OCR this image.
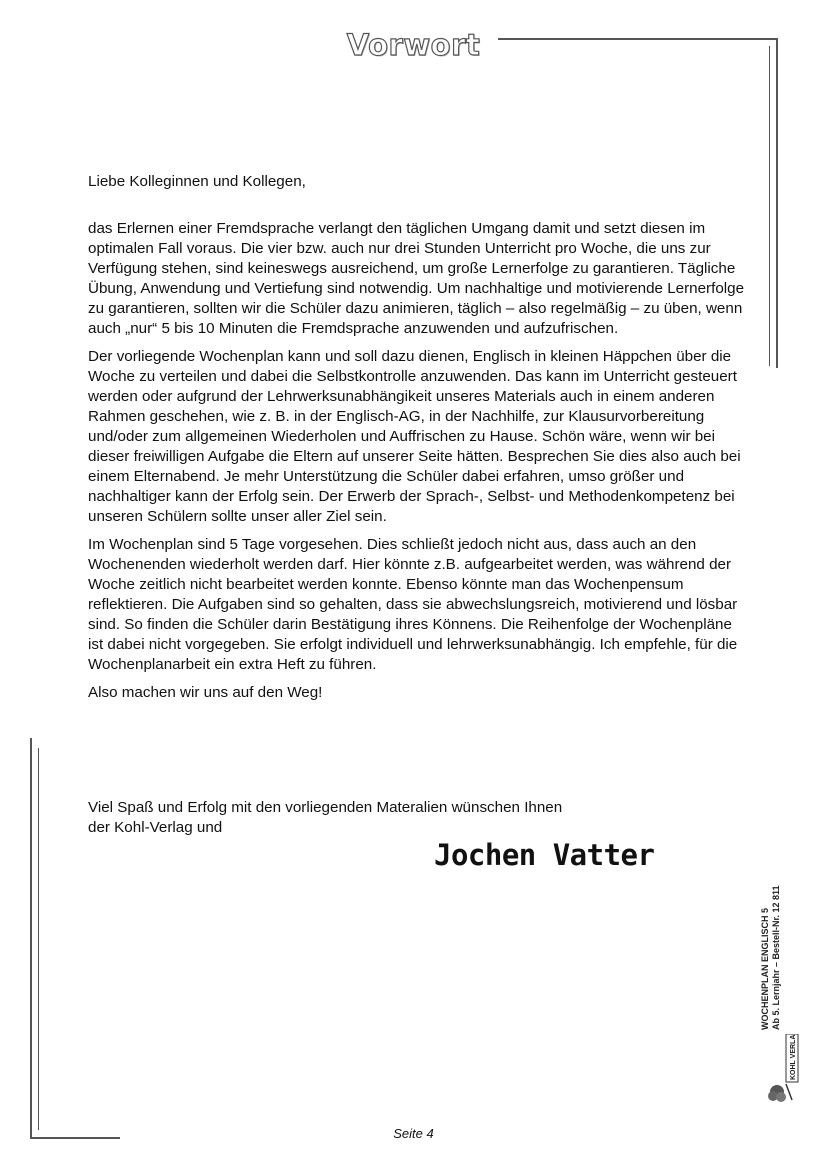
Vorwort

Liebe Kolleginnen und Kollegen,

das Erlernen einer Fremdsprache verlangt den täglichen Umgang damit und setzt diesen im optimalen Fall voraus. Die vier bzw. auch nur drei Stunden Unterricht pro Woche, die uns zur Verfügung stehen, sind keineswegs ausreichend, um große Lernerfolge zu garantieren. Tägliche Übung, Anwendung und Vertiefung sind notwendig. Um nachhaltige und motivierende Lernerfolge zu garantieren, sollten wir die Schüler dazu animieren, täglich – also regelmäßig – zu üben, wenn auch „nur“ 5 bis 10 Minuten die Fremdsprache anzuwenden und aufzufrischen.

Der vorliegende Wochenplan kann und soll dazu dienen, Englisch in kleinen Häppchen über die Woche zu verteilen und dabei die Selbstkontrolle anzuwenden. Das kann im Unterricht gesteuert werden oder aufgrund der Lehrwerksunabhängikeit unseres Materials auch in einem anderen Rahmen geschehen, wie z. B. in der Englisch-AG, in der Nachhilfe, zur Klausurvorbereitung und/oder zum allgemeinen Wiederholen und Auffrischen zu Hause. Schön wäre, wenn wir bei dieser freiwilligen Aufgabe die Eltern auf unserer Seite hätten. Besprechen Sie dies also auch bei einem Elternabend. Je mehr Unterstützung die Schüler dabei erfahren, umso größer und nachhaltiger kann der Erfolg sein. Der Erwerb der Sprach-, Selbst- und Methodenkompetenz bei unseren Schülern sollte unser aller Ziel sein.

Im Wochenplan sind 5 Tage vorgesehen. Dies schließt jedoch nicht aus, dass auch an den Wochenenden wiederholt werden darf. Hier könnte z.B. aufgearbeitet werden, was während der Woche zeitlich nicht bearbeitet werden konnte. Ebenso könnte man das Wochenpensum reflektieren. Die Aufgaben sind so gehalten, dass sie abwechslungsreich, motivierend und lösbar sind. So finden die Schüler darin Bestätigung ihres Könnens. Die Reihenfolge der Wochenpläne ist dabei nicht vorgegeben. Sie erfolgt individuell und lehrwerksunabhängig. Ich empfehle, für die Wochenplanarbeit ein extra Heft zu führen.

Also machen wir uns auf den Weg!

Viel Spaß und Erfolg mit den vorliegenden Materalien wünschen Ihnen

der Kohl-Verlag und

Jochen Vatter
WOCHENPLAN ENGLISCH 5 Ab 5. Lernjahr – Bestell-Nr. 12 811
KOHL VERLAG
Seite 4
